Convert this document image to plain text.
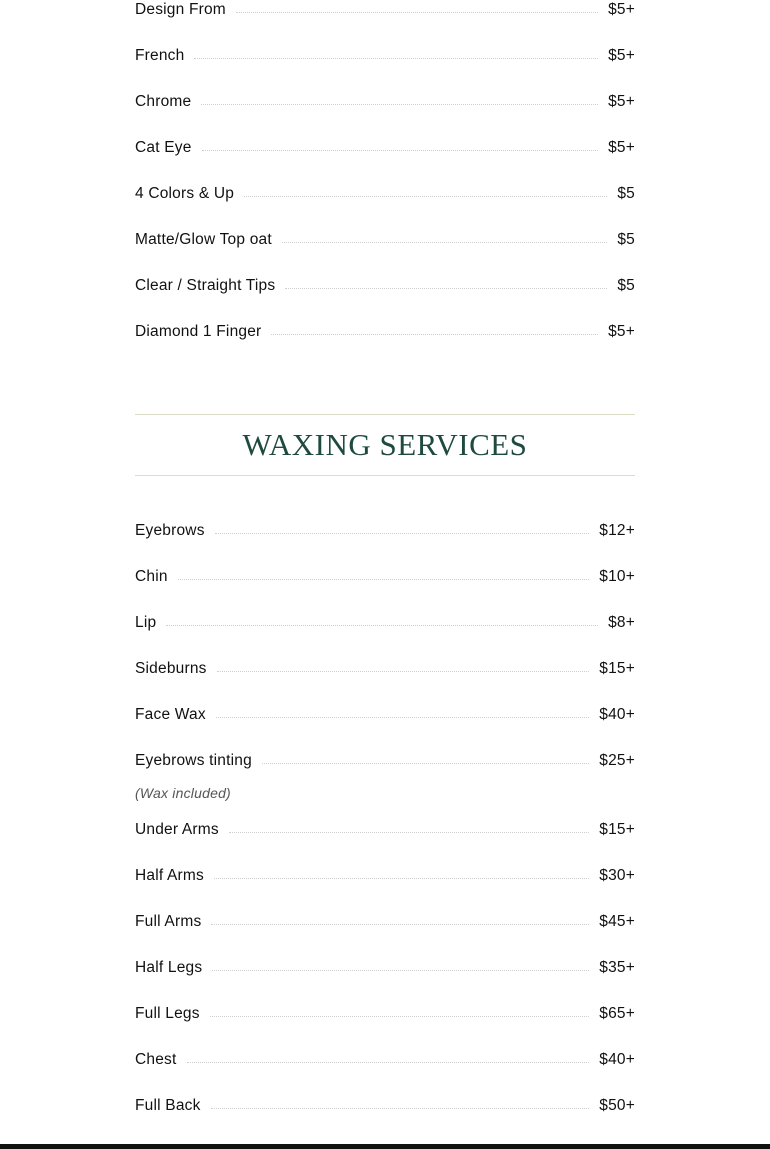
Design From	$5+
French	$5+
Chrome	$5+
Cat Eye	$5+
4 Colors & Up	$5
Matte/Glow Top oat	$5
Clear / Straight Tips	$5
Diamond 1 Finger	$5+
WAXING SERVICES
Eyebrows	$12+
Chin	$10+
Lip	$8+
Sideburns	$15+
Face Wax	$40+
Eyebrows tinting	$25+
(Wax included)
Under Arms	$15+
Half Arms	$30+
Full Arms	$45+
Half Legs	$35+
Full Legs	$65+
Chest	$40+
Full Back	$50+
